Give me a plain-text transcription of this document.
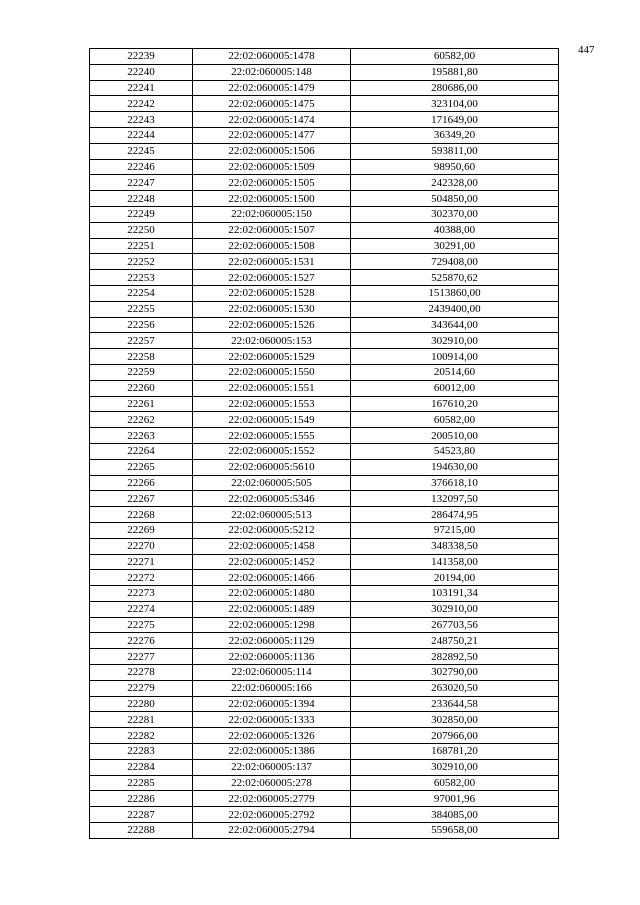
447
22239	22:02:060005:1478	60582,00
22240	22:02:060005:148	195881,80
22241	22:02:060005:1479	280686,00
22242	22:02:060005:1475	323104,00
22243	22:02:060005:1474	171649,00
22244	22:02:060005:1477	36349,20
22245	22:02:060005:1506	593811,00
22246	22:02:060005:1509	98950,60
22247	22:02:060005:1505	242328,00
22248	22:02:060005:1500	504850,00
22249	22:02:060005:150	302370,00
22250	22:02:060005:1507	40388,00
22251	22:02:060005:1508	30291,00
22252	22:02:060005:1531	729408,00
22253	22:02:060005:1527	525870,62
22254	22:02:060005:1528	1513860,00
22255	22:02:060005:1530	2439400,00
22256	22:02:060005:1526	343644,00
22257	22:02:060005:153	302910,00
22258	22:02:060005:1529	100914,00
22259	22:02:060005:1550	20514,60
22260	22:02:060005:1551	60012,00
22261	22:02:060005:1553	167610,20
22262	22:02:060005:1549	60582,00
22263	22:02:060005:1555	200510,00
22264	22:02:060005:1552	54523,80
22265	22:02:060005:5610	194630,00
22266	22:02:060005:505	376618,10
22267	22:02:060005:5346	132097,50
22268	22:02:060005:513	286474,95
22269	22:02:060005:5212	97215,00
22270	22:02:060005:1458	348338,50
22271	22:02:060005:1452	141358,00
22272	22:02:060005:1466	20194,00
22273	22:02:060005:1480	103191,34
22274	22:02:060005:1489	302910,00
22275	22:02:060005:1298	267703,56
22276	22:02:060005:1129	248750,21
22277	22:02:060005:1136	282892,50
22278	22:02:060005:114	302790,00
22279	22:02:060005:166	263020,50
22280	22:02:060005:1394	233644,58
22281	22:02:060005:1333	302850,00
22282	22:02:060005:1326	207966,00
22283	22:02:060005:1386	168781,20
22284	22:02:060005:137	302910,00
22285	22:02:060005:278	60582,00
22286	22:02:060005:2779	97001,96
22287	22:02:060005:2792	384085,00
22288	22:02:060005:2794	559658,00
